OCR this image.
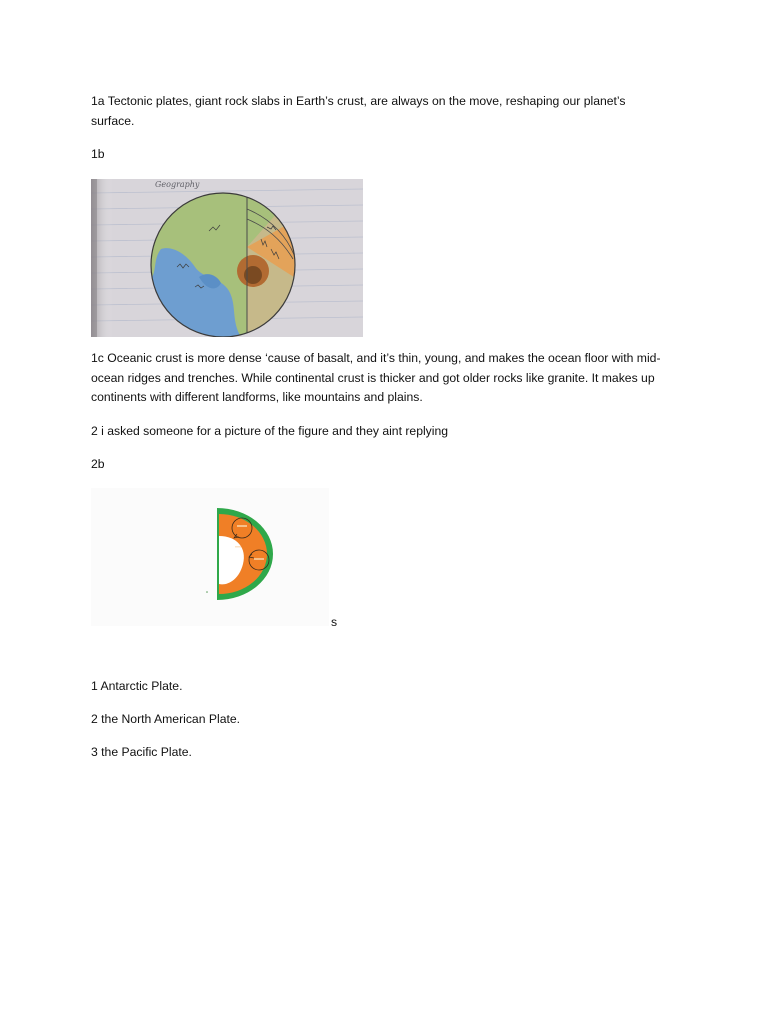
1a Tectonic plates, giant rock slabs in Earth’s crust, are always on the move, reshaping our planet’s surface.

1b

1c Oceanic crust is more dense ‘cause of basalt, and it’s thin, young, and makes the ocean floor with mid-ocean ridges and trenches. While continental crust is thicker and got older rocks like granite. It makes up continents with different landforms, like mountains and plains.

2 i asked someone for a picture of the figure and they aint replying

2b

s

1 Antarctic Plate.

2 the North American Plate.

3 the Pacific Plate.
